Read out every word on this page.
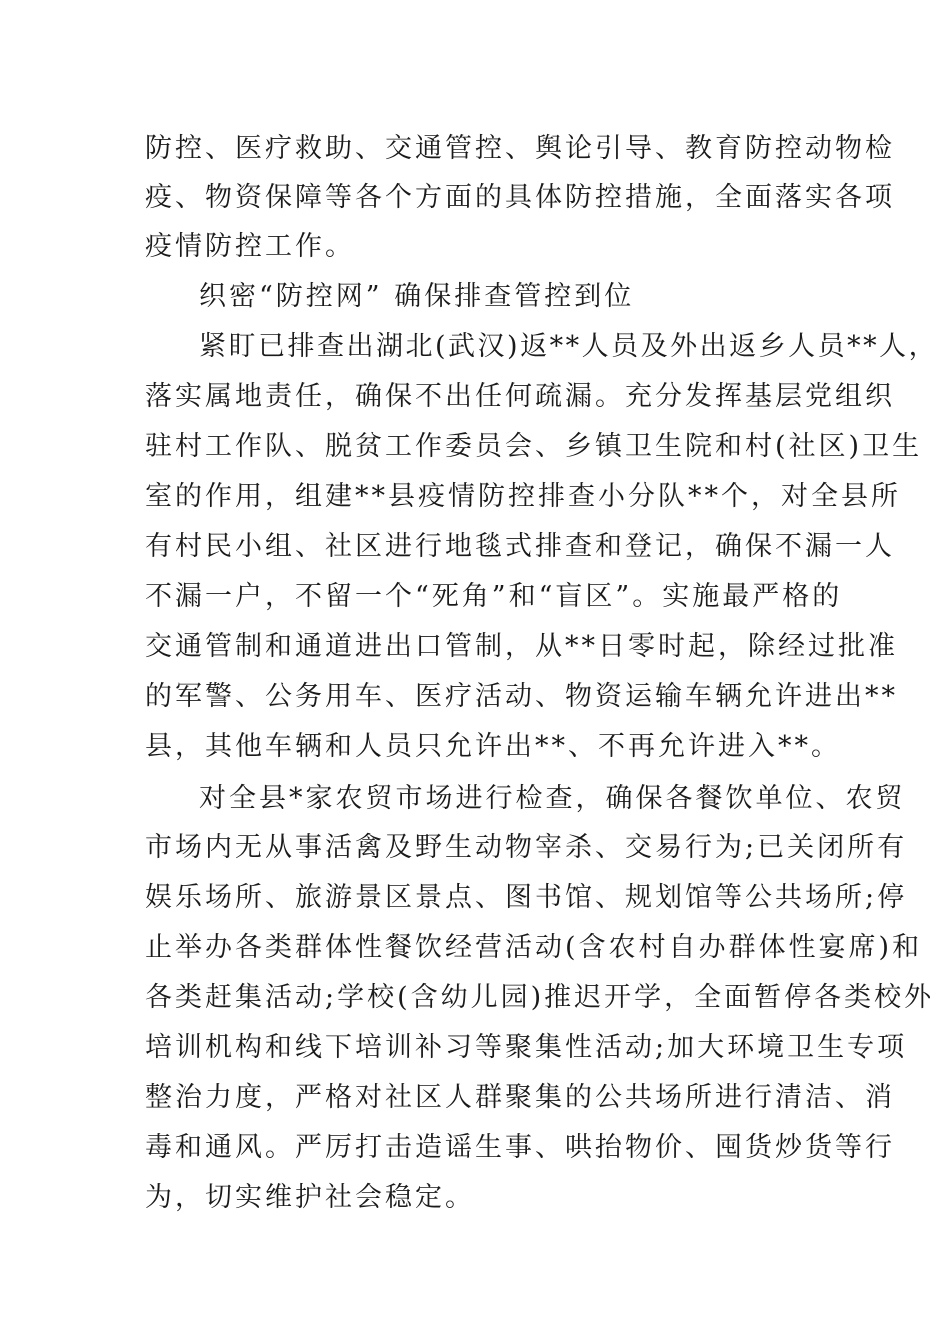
防控、医疗救助、交通管控、舆论引导、教育防控动物检
疫、物资保障等各个方面的具体防控措施，全面落实各项
疫情防控工作。
织密“防控网” 确保排查管控到位
紧盯已排查出湖北(武汉)返**人员及外出返乡人员**人，
落实属地责任，确保不出任何疏漏。充分发挥基层党组织
驻村工作队、脱贫工作委员会、乡镇卫生院和村(社区)卫生
室的作用，组建**县疫情防控排查小分队**个，对全县所
有村民小组、社区进行地毯式排查和登记，确保不漏一人
不漏一户，不留一个“死角”和“盲区”。实施最严格的
交通管制和通道进出口管制，从**日零时起，除经过批准
的军警、公务用车、医疗活动、物资运输车辆允许进出**
县，其他车辆和人员只允许出**、不再允许进入**。
对全县*家农贸市场进行检查，确保各餐饮单位、农贸
市场内无从事活禽及野生动物宰杀、交易行为;已关闭所有
娱乐场所、旅游景区景点、图书馆、规划馆等公共场所;停
止举办各类群体性餐饮经营活动(含农村自办群体性宴席)和
各类赶集活动;学校(含幼儿园)推迟开学，全面暂停各类校外
培训机构和线下培训补习等聚集性活动;加大环境卫生专项
整治力度，严格对社区人群聚集的公共场所进行清洁、消
毒和通风。严厉打击造谣生事、哄抬物价、囤货炒货等行
为，切实维护社会稳定。
